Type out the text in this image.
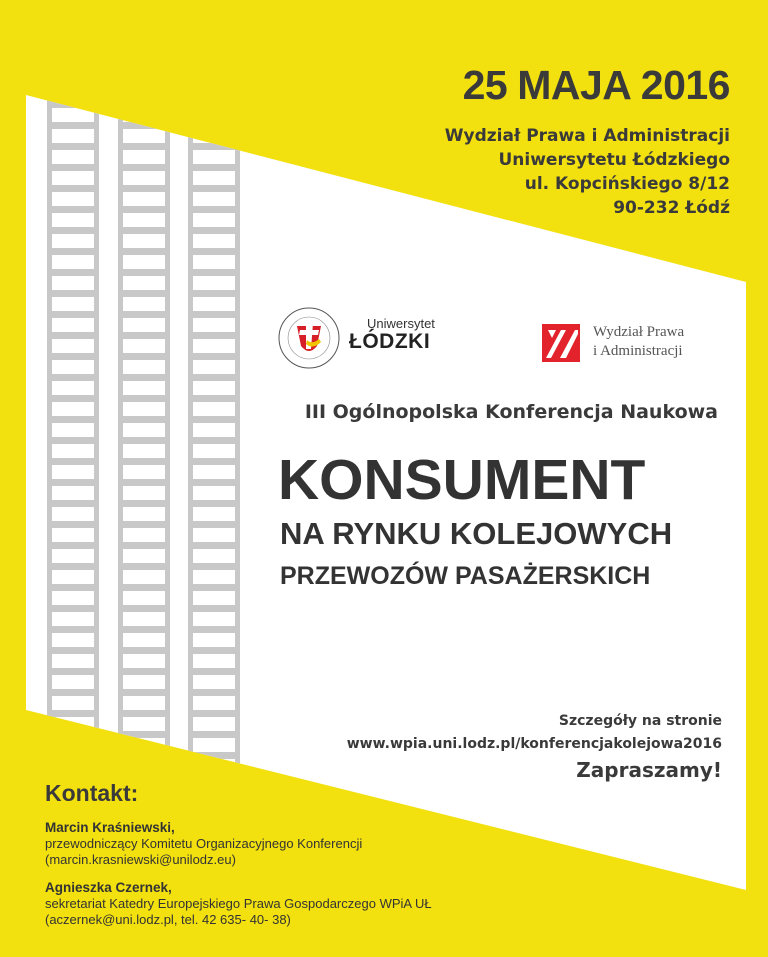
25 MAJA 2016
Wydział Prawa i Administracji
Uniwersytetu Łódzkiego
ul. Kopcińskiego 8/12
90-232 Łódź
Uniwersytet
ŁÓDZKI	Wydział Prawa
i Administracji
III Ogólnopolska Konferencja Naukowa
KONSUMENT
NA RYNKU KOLEJOWYCH
PRZEWOZÓW PASAŻERSKICH
Szczegóły na stronie
www.wpia.uni.lodz.pl/konferencjakolejowa2016
Zapraszamy!
Kontakt:
Marcin Kraśniewski,
przewodniczący Komitetu Organizacyjnego Konferencji
(marcin.krasniewski@unilodz.eu)
Agnieszka Czernek,
sekretariat Katedry Europejskiego Prawa Gospodarczego WPiA UŁ
(aczernek@uni.lodz.pl, tel. 42 635- 40- 38)
